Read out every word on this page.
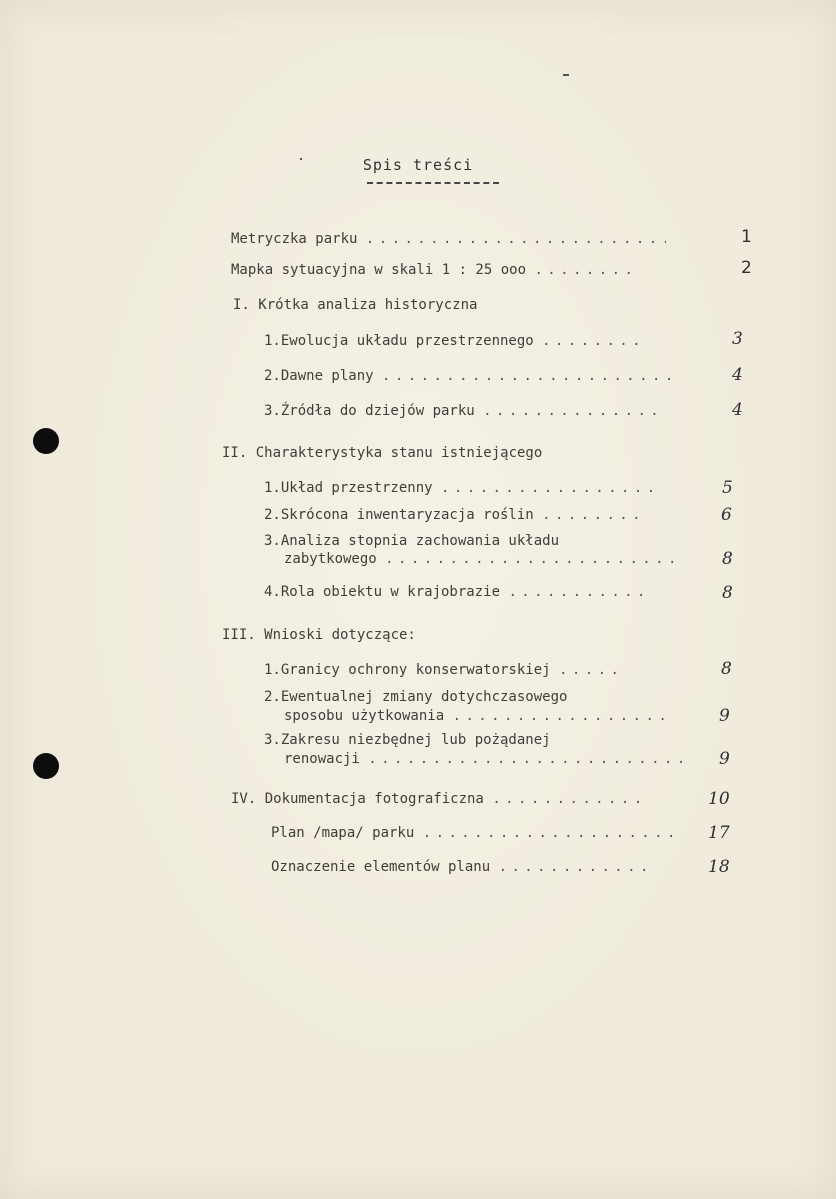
Spis treści
Metryczka parku . . .	1
Mapka sytuacyjna w skali 1 : 25 ooo . . .	2
I. Krótka analiza historyczna
1.Ewolucja układu przestrzennego . . .	3
2.Dawne plany . . .	4
3.Źródła do dziejów parku . . .	4
II. Charakterystyka stanu istniejącego
1.Układ przestrzenny . . .	5
2.Skrócona inwentaryzacja roślin . . .	6
3.Analiza stopnia zachowania układu
zabytkowego . . .	8
4.Rola obiektu w krajobrazie . . .	8
III. Wnioski dotyczące:
1.Granicy ochrony konserwatorskiej . . .	8
2.Ewentualnej zmiany dotychczasowego
sposobu użytkowania . . .	9
3.Zakresu niezbędnej lub pożądanej
renowacji . . .	9
IV. Dokumentacja fotograficzna . . .	10
Plan /mapa/ parku . . .	17
Oznaczenie elementów planu . . .	18
